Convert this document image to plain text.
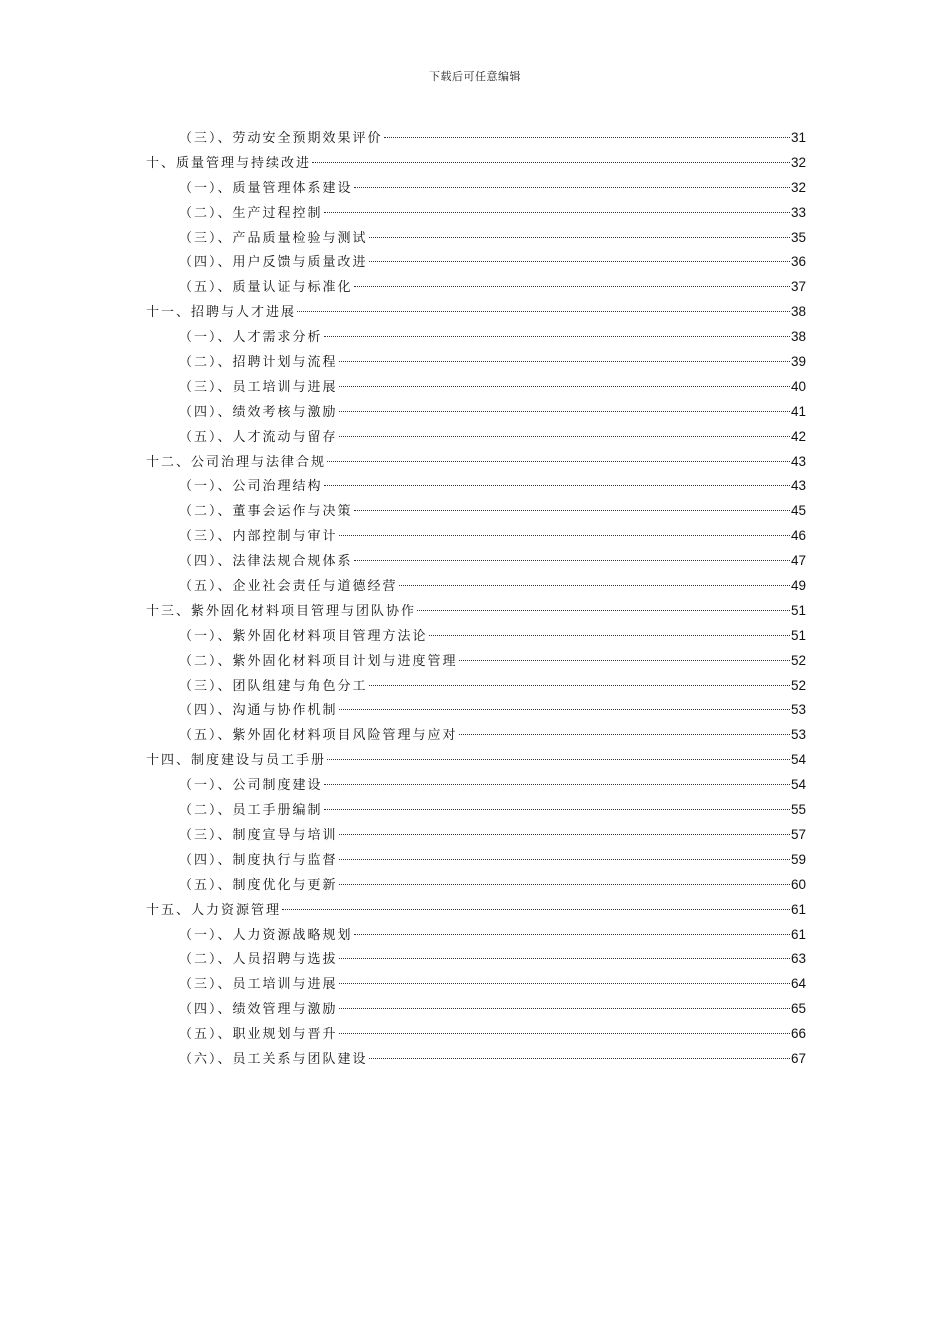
下载后可任意编辑
（三）、劳动安全预期效果评价	31
十、质量管理与持续改进	32
（一）、质量管理体系建设	32
（二）、生产过程控制	33
（三）、产品质量检验与测试	35
（四）、用户反馈与质量改进	36
（五）、质量认证与标准化	37
十一、招聘与人才进展	38
（一）、人才需求分析	38
（二）、招聘计划与流程	39
（三）、员工培训与进展	40
（四）、绩效考核与激励	41
（五）、人才流动与留存	42
十二、公司治理与法律合规	43
（一）、公司治理结构	43
（二）、董事会运作与决策	45
（三）、内部控制与审计	46
（四）、法律法规合规体系	47
（五）、企业社会责任与道德经营	49
十三、紫外固化材料项目管理与团队协作	51
（一）、紫外固化材料项目管理方法论	51
（二）、紫外固化材料项目计划与进度管理	52
（三）、团队组建与角色分工	52
（四）、沟通与协作机制	53
（五）、紫外固化材料项目风险管理与应对	53
十四、制度建设与员工手册	54
（一）、公司制度建设	54
（二）、员工手册编制	55
（三）、制度宣导与培训	57
（四）、制度执行与监督	59
（五）、制度优化与更新	60
十五、人力资源管理	61
（一）、人力资源战略规划	61
（二）、人员招聘与选拔	63
（三）、员工培训与进展	64
（四）、绩效管理与激励	65
（五）、职业规划与晋升	66
（六）、员工关系与团队建设	67
